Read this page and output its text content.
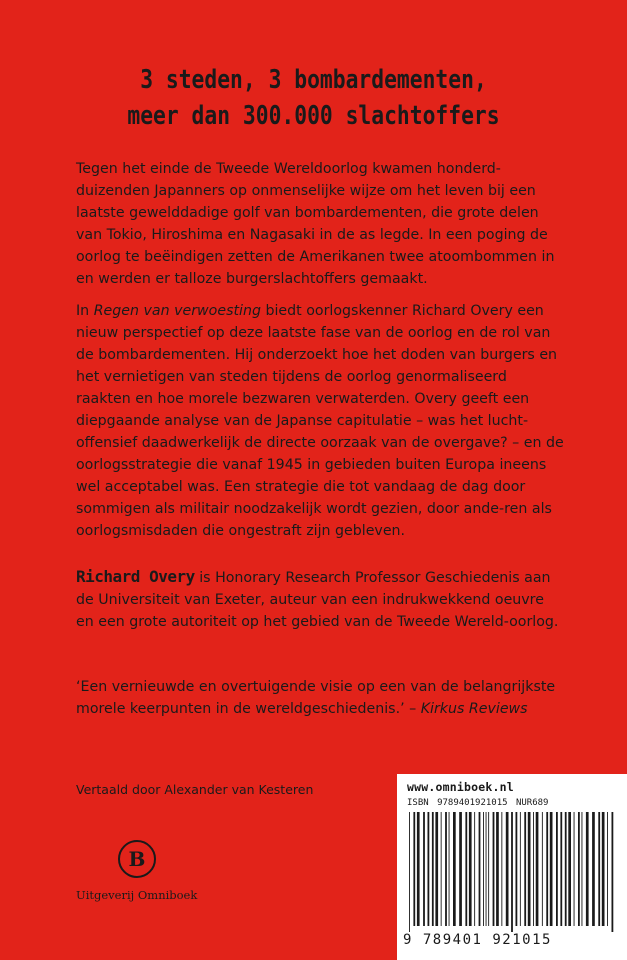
3 steden, 3 bombardementen,
meer dan 300.000 slachtoffers

Tegen het einde de Tweede Wereldoorlog kwamen honderd-duizenden Japanners op onmenselijke wijze om het leven bij een laatste gewelddadige golf van bombardementen, die grote delen van Tokio, Hiroshima en Nagasaki in de as legde. In een poging de oorlog te beëindigen zetten de Amerikanen twee atoombommen in en werden er talloze burgerslachtoffers gemaakt.

In Regen van verwoesting biedt oorlogskenner Richard Overy een nieuw perspectief op deze laatste fase van de oorlog en de rol van de bombardementen. Hij onderzoekt hoe het doden van burgers en het vernietigen van steden tijdens de oorlog genormaliseerd raakten en hoe morele bezwaren verwaterden. Overy geeft een diepgaande analyse van de Japanse capitulatie – was het lucht-offensief daadwerkelijk de directe oorzaak van de overgave? – en de oorlogsstrategie die vanaf 1945 in gebieden buiten Europa ineens wel acceptabel was. Een strategie die tot vandaag de dag door sommigen als militair noodzakelijk wordt gezien, door ande-ren als oorlogsmisdaden die ongestraft zijn gebleven.

Richard Overy is Honorary Research Professor Geschiedenis aan de Universiteit van Exeter, auteur van een indrukwekkend oeuvre en een grote autoriteit op het gebied van de Tweede Wereld-oorlog.

‘Een vernieuwde en overtuigende visie op een van de belangrijkste morele keerpunten in de wereldgeschiedenis.’ – Kirkus Reviews

Vertaald door Alexander van Kesteren
B
Uitgeverij Omniboek
www.omniboek.nl
ISBN 9789401921015 NUR689
9 789401 921015
